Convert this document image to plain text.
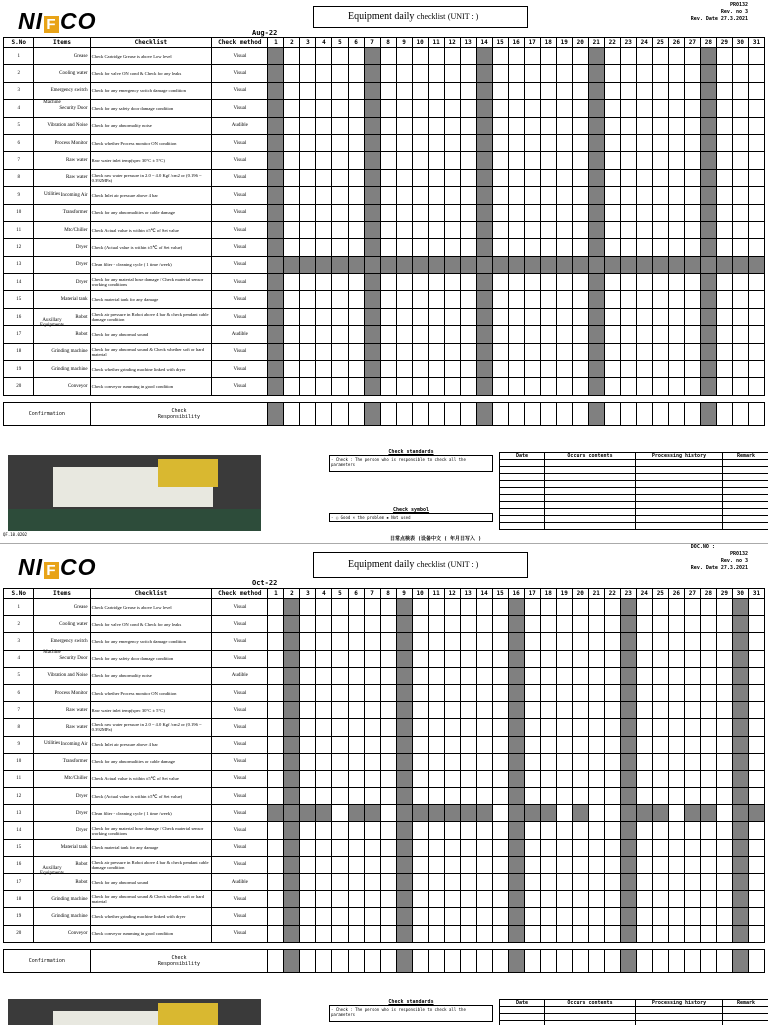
NI F CO	Equipment daily checklist (UNIT : )
PR0132
Rev. no 3
Rev. Date 27.3.2021
Aug-22
S.No	Items	Checklist	Check method	1	2	3	4	5	6	7	8	9	10	11	12	13	14	15	16	17	18	19	20	21	22	23	24	25	26	27	28	29	30	31
1	Grease	Check Cartridge Grease is above Low level	Visual																															
2	Cooling water	Check for valve ON cond & Check for any leaks	Visual																															
3	Emergency switch	Check for any emergency switch damage condition	Visual																															
4	Security Door	Check for any safety door damage condition	Visual																															
5	Vibration and Noise	Check for any abnormality noise	Audible																															
6	Process Monitor	Check whether Process monitor ON condition	Visual																															
7	Raw water	Raw water inlet temp(spec 30°C ± 5°C)	Visual																															
8	Raw water	Check raw water pressure in 2.0 ~ 4.0 Kgf /cm2 or (0.196 ~ 0.392MPa)	Visual																															
9	Incoming Air	Check Inlet air pressure above 4 bar	Visual																															
10	Transformer	Check for any abnormalities or cable damage	Visual																															
11	Mtc/Chiller	Check Actual value is within ±5℃ of Set value	Visual																															
12	Dryer	Check (Actual value is within ±5℃ of Set value)	Visual																															
13	Dryer	Clean filter - cleaning cycle ( 1 time /week)	Visual																															
14	Dryer	Check for any material hose damage / Check material sensor working conditions	Visual																															
15	Material tank	Check material tank for any damage	Visual																															
16	Robot	Check air pressure in Robot above 4 bar & check pendant cable damage condition	Visual																															
17	Robot	Check for any abnormal sound	Audible																															
18	Grinding machine	Check for any abnormal sound & Check whether soft or hard material	Visual																															
19	Grinding machine	Check whether grinding machine linked with dryer	Visual																															
20	Conveyor	Check conveyor rumming in good condition	Visual																															

Confirmation		Check
Responsibility																																
Check standards
- Check : The person who is responsible to check all the parameters
Check symbol
- ○ Good × the problem ▪ Not used
Date	Occurs contents	Processing history	Remark

QF.10.0202
日常点検表 (设备中文 ( 年月日写入 )
Machine
Utilities
Auxillary Equipments
NI F CO	Equipment daily checklist (UNIT : )
DOC.NO :
PR0132
Rev. no 3
Rev. Date 27.3.2021
Oct-22
S.No	Items	Checklist	Check method	1	2	3	4	5	6	7	8	9	10	11	12	13	14	15	16	17	18	19	20	21	22	23	24	25	26	27	28	29	30	31
1	Grease	Check Cartridge Grease is above Low level	Visual																															
2	Cooling water	Check for valve ON cond & Check for any leaks	Visual																															
3	Emergency switch	Check for any emergency switch damage condition	Visual																															
4	Security Door	Check for any safety door damage condition	Visual																															
5	Vibration and Noise	Check for any abnormality noise	Audible																															
6	Process Monitor	Check whether Process monitor ON condition	Visual																															
7	Raw water	Raw water inlet temp(spec 30°C ± 5°C)	Visual																															
8	Raw water	Check raw water pressure in 2.0 ~ 4.0 Kgf /cm2 or (0.196 ~ 0.392MPa)	Visual																															
9	Incoming Air	Check Inlet air pressure above 4 bar	Visual																															
10	Transformer	Check for any abnormalities or cable damage	Visual																															
11	Mtc/Chiller	Check Actual value is within ±5℃ of Set value	Visual																															
12	Dryer	Check (Actual value is within ±5℃ of Set value)	Visual																															
13	Dryer	Clean filter - cleaning cycle ( 1 time /week)	Visual																															
14	Dryer	Check for any material hose damage / Check material sensor working conditions	Visual																															
15	Material tank	Check material tank for any damage	Visual																															
16	Robot	Check air pressure in Robot above 4 bar & check pendant cable damage condition	Visual																															
17	Robot	Check for any abnormal sound	Audible																															
18	Grinding machine	Check for any abnormal sound & Check whether soft or hard material	Visual																															
19	Grinding machine	Check whether grinding machine linked with dryer	Visual																															
20	Conveyor	Check conveyor rumming in good condition	Visual																															

Confirmation		Check
Responsibility																																
Check standards
- Check : The person who is responsible to check all the parameters
Date	Occurs contents	Processing history	Remark

Machine
Utilities
Auxillary Equipments
